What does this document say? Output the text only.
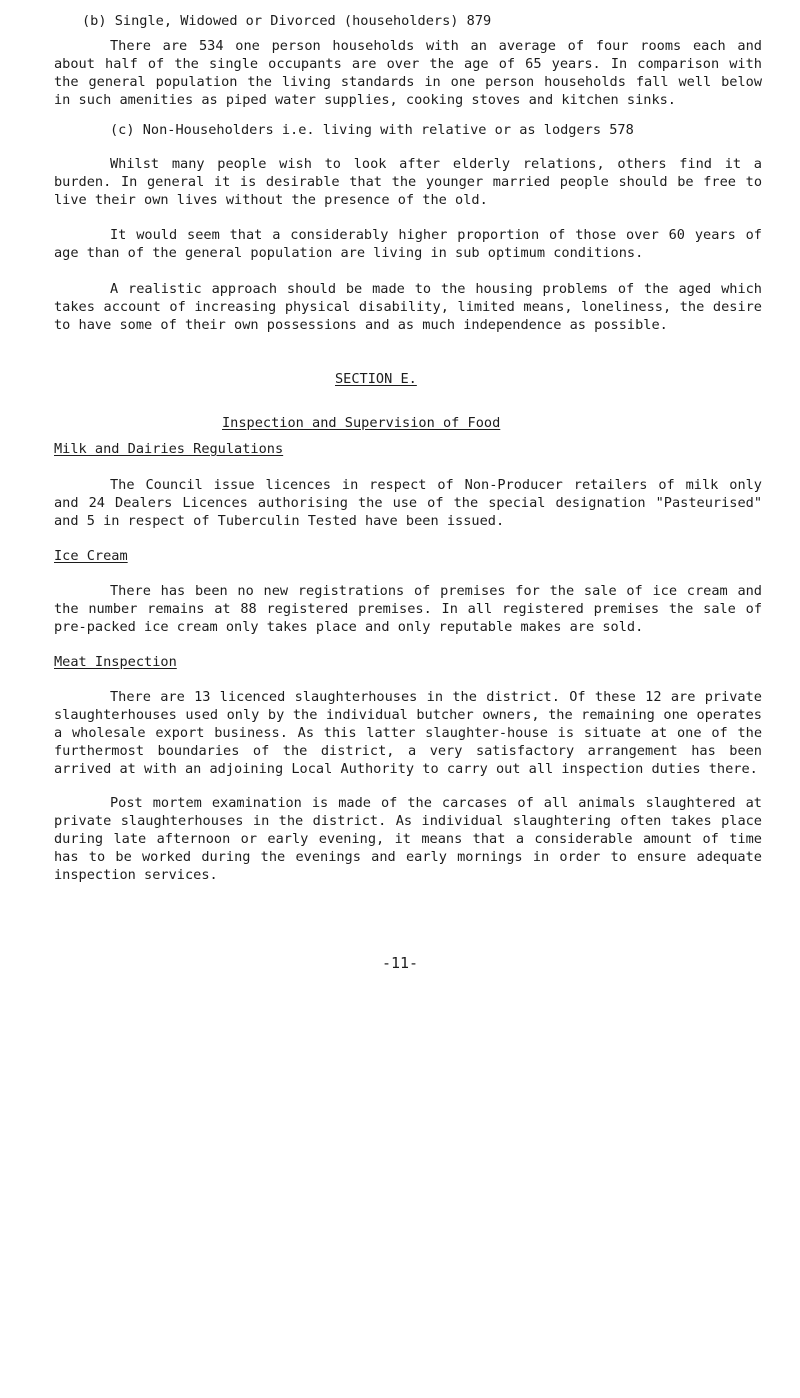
(b) Single, Widowed or Divorced (householders) 879
There are 534 one person households with an average of four rooms each and about half of the single occupants are over the age of 65 years. In comparison with the general population the living standards in one person households fall well below in such amenities as piped water supplies, cooking stoves and kitchen sinks.
(c) Non-Householders i.e. living with relative or as lodgers 578
Whilst many people wish to look after elderly relations, others find it a burden. In general it is desirable that the younger married people should be free to live their own lives without the presence of the old.
It would seem that a considerably higher proportion of those over 60 years of age than of the general population are living in sub optimum conditions.
A realistic approach should be made to the housing problems of the aged which takes account of increasing physical disability, limited means, loneliness, the desire to have some of their own possessions and as much independence as possible.
SECTION E.
Inspection and Supervision of Food
Milk and Dairies Regulations
The Council issue licences in respect of Non-Producer retailers of milk only and 24 Dealers Licences authorising the use of the special designation "Pasteurised" and 5 in respect of Tuberculin Tested have been issued.
Ice Cream
There has been no new registrations of premises for the sale of ice cream and the number remains at 88 registered premises. In all registered premises the sale of pre-packed ice cream only takes place and only reputable makes are sold.
Meat Inspection
There are 13 licenced slaughterhouses in the district. Of these 12 are private slaughterhouses used only by the individual butcher owners, the remaining one operates a wholesale export business. As this latter slaughter-house is situate at one of the furthermost boundaries of the district, a very satisfactory arrangement has been arrived at with an adjoining Local Authority to carry out all inspection duties there.
Post mortem examination is made of the carcases of all animals slaughtered at private slaughterhouses in the district. As individual slaughtering often takes place during late afternoon or early evening, it means that a considerable amount of time has to be worked during the evenings and early mornings in order to ensure adequate inspection services.
-11-
